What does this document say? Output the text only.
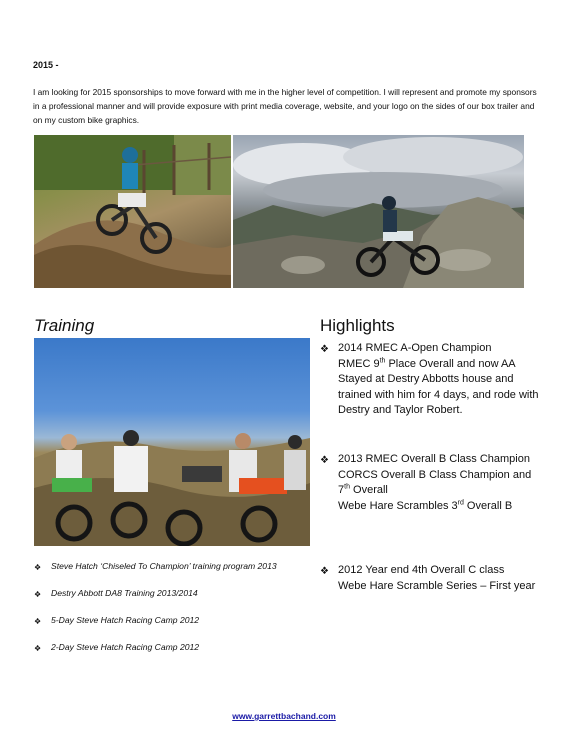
2015 -
I am looking for 2015 sponsorships to move forward with me in the higher level of competition. I will represent and promote my sponsors in a professional manner and will provide exposure with print media coverage, website, and your logo on the sides of our box trailer and on my custom bike graphics.
Training	Highlights
❖ 2014 RMEC A-Open Champion
RMEC 9th Place Overall and now AA
Stayed at Destry Abbotts house and trained with him for 4 days, and rode with Destry and Taylor Robert.
❖ 2013 RMEC Overall B Class Champion
CORCS Overall B Class Champion and
7th Overall
Webe Hare Scrambles 3rd Overall B
❖ 2012 Year end 4th Overall C class
Webe Hare Scramble Series – First year
❖ Steve Hatch ‘Chiseled To Champion’ training program 2013
❖ Destry Abbott DA8 Training 2013/2014
❖ 5-Day Steve Hatch Racing Camp 2012
❖ 2-Day Steve Hatch Racing Camp 2012
www.garrettbachand.com
